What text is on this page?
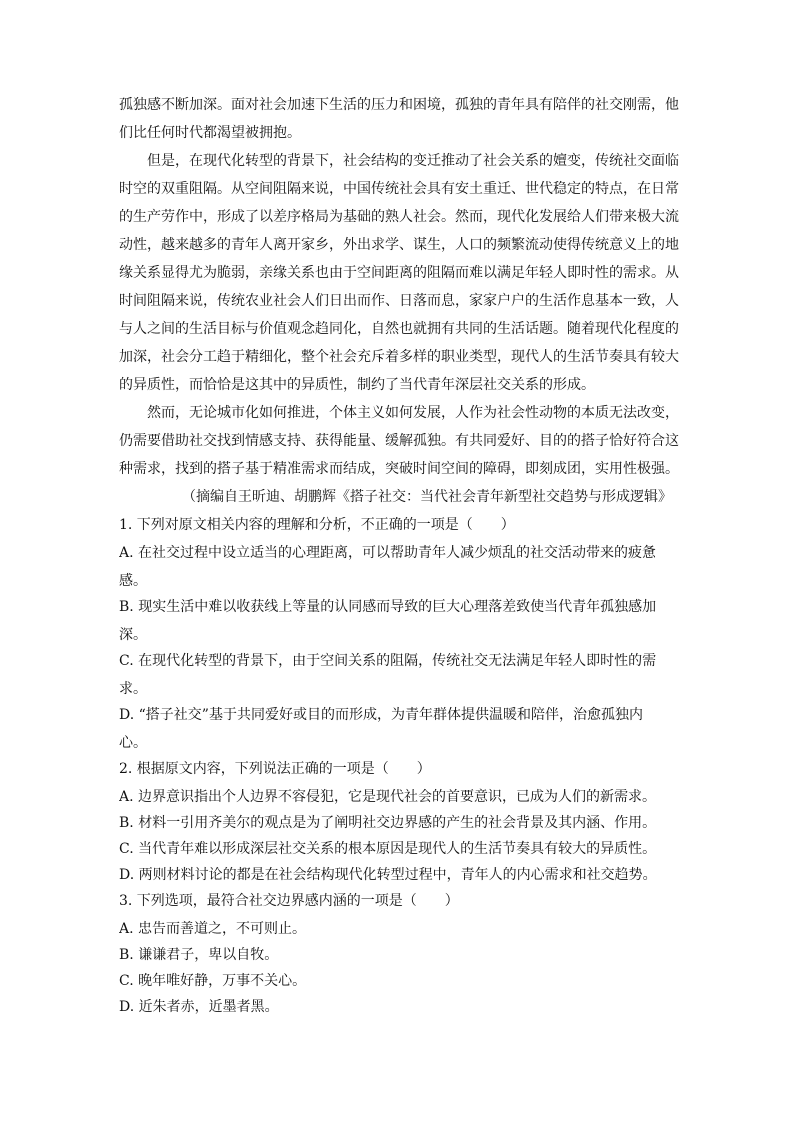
孤独感不断加深。面对社会加速下生活的压力和困境，孤独的青年具有陪伴的社交刚需，他
们比任何时代都渴望被拥抱。
但是，在现代化转型的背景下，社会结构的变迁推动了社会关系的嬗变，传统社交面临
时空的双重阻隔。从空间阻隔来说，中国传统社会具有安土重迁、世代稳定的特点，在日常
的生产劳作中，形成了以差序格局为基础的熟人社会。然而，现代化发展给人们带来极大流
动性，越来越多的青年人离开家乡，外出求学、谋生，人口的频繁流动使得传统意义上的地
缘关系显得尤为脆弱，亲缘关系也由于空间距离的阻隔而难以满足年轻人即时性的需求。从
时间阻隔来说，传统农业社会人们日出而作、日落而息，家家户户的生活作息基本一致，人
与人之间的生活目标与价值观念趋同化，自然也就拥有共同的生活话题。随着现代化程度的
加深，社会分工趋于精细化，整个社会充斥着多样的职业类型，现代人的生活节奏具有较大
的异质性，而恰恰是这其中的异质性，制约了当代青年深层社交关系的形成。
然而，无论城市化如何推进，个体主义如何发展，人作为社会性动物的本质无法改变，
仍需要借助社交找到情感支持、获得能量、缓解孤独。有共同爱好、目的的搭子恰好符合这
种需求，找到的搭子基于精准需求而结成，突破时间空间的障碍，即刻成团，实用性极强。
（摘编自王昕迪、胡鹏辉《搭子社交：当代社会青年新型社交趋势与形成逻辑》
1. 下列对原文相关内容的理解和分析，不正确的一项是（　　）
A. 在社交过程中设立适当的心理距离，可以帮助青年人减少烦乱的社交活动带来的疲惫
感。
B. 现实生活中难以收获线上等量的认同感而导致的巨大心理落差致使当代青年孤独感加
深。
C. 在现代化转型的背景下，由于空间关系的阻隔，传统社交无法满足年轻人即时性的需
求。
D. “搭子社交”基于共同爱好或目的而形成，为青年群体提供温暖和陪伴，治愈孤独内
心。
2. 根据原文内容，下列说法正确的一项是（　　）
A. 边界意识指出个人边界不容侵犯，它是现代社会的首要意识，已成为人们的新需求。
B. 材料一引用齐美尔的观点是为了阐明社交边界感的产生的社会背景及其内涵、作用。
C. 当代青年难以形成深层社交关系的根本原因是现代人的生活节奏具有较大的异质性。
D. 两则材料讨论的都是在社会结构现代化转型过程中，青年人的内心需求和社交趋势。
3. 下列选项，最符合社交边界感内涵的一项是（　　）
A. 忠告而善道之，不可则止。
B. 谦谦君子，卑以自牧。
C. 晚年唯好静，万事不关心。
D. 近朱者赤，近墨者黑。
